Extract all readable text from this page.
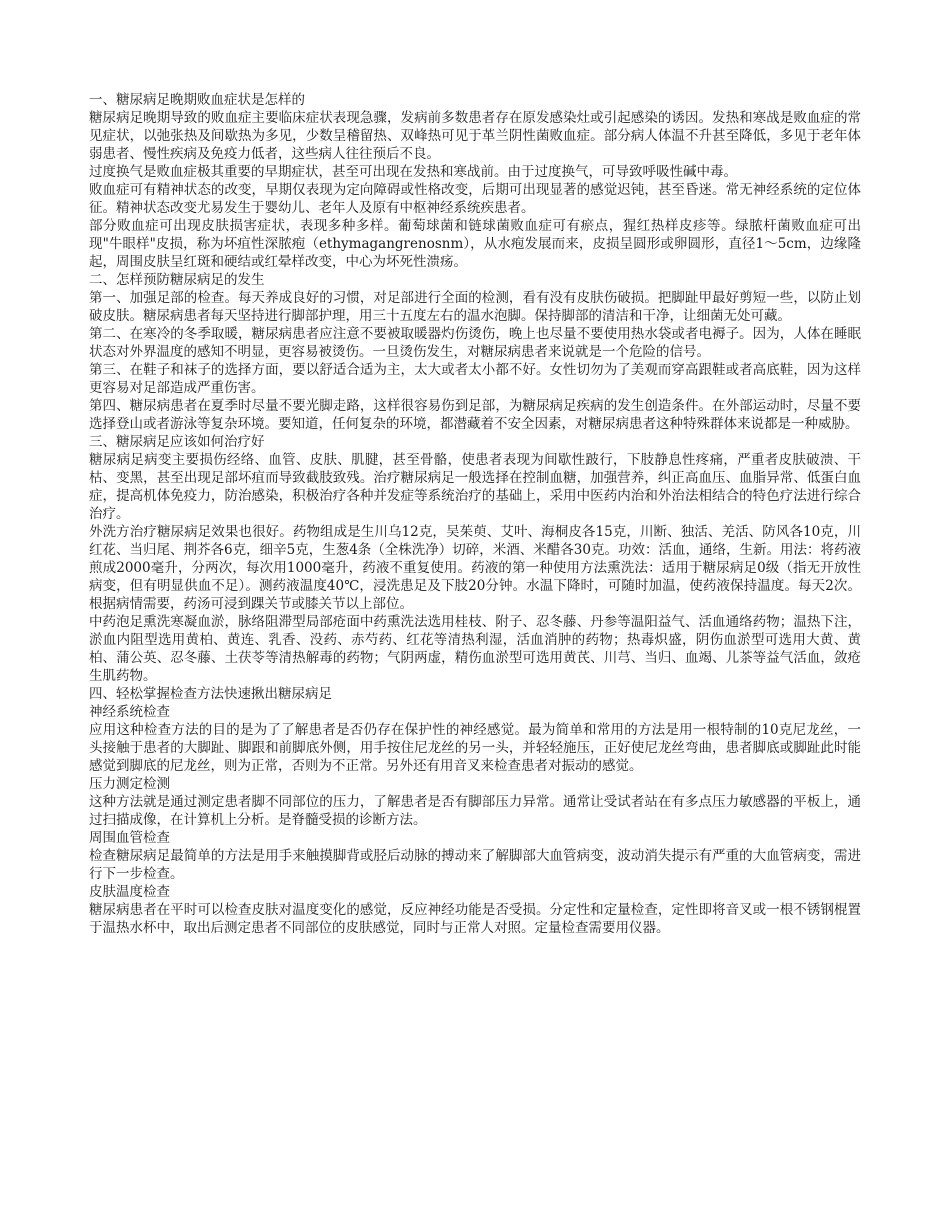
一、糖尿病足晚期败血症状是怎样的

糖尿病足晚期导致的败血症主要临床症状表现急骤，发病前多数患者存在原发感染灶或引起感染的诱因。发热和寒战是败血症的常见症状，以弛张热及间歇热为多见，少数呈稽留热、双峰热可见于革兰阴性菌败血症。部分病人体温不升甚至降低，多见于老年体弱患者、慢性疾病及免疫力低者，这些病人往往预后不良。

过度换气是败血症极其重要的早期症状，甚至可出现在发热和寒战前。由于过度换气，可导致呼吸性碱中毒。

败血症可有精神状态的改变，早期仅表现为定向障碍或性格改变，后期可出现显著的感觉迟钝，甚至昏迷。常无神经系统的定位体征。精神状态改变尤易发生于婴幼儿、老年人及原有中枢神经系统疾患者。

部分败血症可出现皮肤损害症状，表现多种多样。葡萄球菌和链球菌败血症可有瘀点，猩红热样皮疹等。绿脓杆菌败血症可出现"牛眼样"皮损，称为坏疽性深脓疱（ethymagangrenosnm），从水疱发展而来，皮损呈圆形或卵圆形，直径1～5cm，边缘隆起，周围皮肤呈红斑和硬结或红晕样改变，中心为坏死性溃疡。

二、怎样预防糖尿病足的发生

第一、加强足部的检查。每天养成良好的习惯，对足部进行全面的检测，看有没有皮肤伤破损。把脚趾甲最好剪短一些，以防止划破皮肤。糖尿病患者每天坚持进行脚部护理，用三十五度左右的温水泡脚。保持脚部的清洁和干净，让细菌无处可藏。

第二、在寒冷的冬季取暖，糖尿病患者应注意不要被取暖器灼伤烫伤，晚上也尽量不要使用热水袋或者电褥子。因为，人体在睡眠状态对外界温度的感知不明显，更容易被烫伤。一旦烫伤发生，对糖尿病患者来说就是一个危险的信号。

第三、在鞋子和袜子的选择方面，要以舒适合适为主，太大或者太小都不好。女性切勿为了美观而穿高跟鞋或者高底鞋，因为这样更容易对足部造成严重伤害。

第四、糖尿病患者在夏季时尽量不要光脚走路，这样很容易伤到足部，为糖尿病足疾病的发生创造条件。在外部运动时，尽量不要选择登山或者游泳等复杂环境。要知道，任何复杂的环境，都潜藏着不安全因素，对糖尿病患者这种特殊群体来说都是一种威胁。

三、糖尿病足应该如何治疗好

糖尿病足病变主要损伤经络、血管、皮肤、肌腱，甚至骨骼，使患者表现为间歇性跛行，下肢静息性疼痛，严重者皮肤破溃、干枯、变黑，甚至出现足部坏疽而导致截肢致残。治疗糖尿病足一般选择在控制血糖，加强营养，纠正高血压、血脂异常、低蛋白血症，提高机体免疫力，防治感染，积极治疗各种并发症等系统治疗的基础上，采用中医药内治和外治法相结合的特色疗法进行综合治疗。

外洗方治疗糖尿病足效果也很好。药物组成是生川乌12克，吴茱萸、艾叶、海桐皮各15克，川断、独活、羌活、防风各10克，川红花、当归尾、荆芥各6克，细辛5克，生葱4条（全株洗净）切碎，米酒、米醋各30克。功效：活血，通络，生新。用法：将药液煎成2000毫升，分两次，每次用1000毫升，药液不重复使用。药液的第一种使用方法熏洗法：适用于糖尿病足0级（指无开放性病变，但有明显供血不足）。测药液温度40℃，浸洗患足及下肢20分钟。水温下降时，可随时加温，使药液保持温度。每天2次。根据病情需要，药汤可浸到踝关节或膝关节以上部位。

中药泡足熏洗寒凝血淤，脉络阻滞型局部疮面中药熏洗法选用桂枝、附子、忍冬藤、丹参等温阳益气、活血通络药物；温热下注，淤血内阻型选用黄柏、黄连、乳香、没药、赤芍药、红花等清热利湿，活血消肿的药物；热毒炽盛，阴伤血淤型可选用大黄、黄柏、蒲公英、忍冬藤、土茯苓等清热解毒的药物；气阴两虚，精伤血淤型可选用黄芪、川芎、当归、血竭、儿茶等益气活血，敛疮生肌药物。

四、轻松掌握检查方法快速揪出糖尿病足

神经系统检查

应用这种检查方法的目的是为了了解患者是否仍存在保护性的神经感觉。最为简单和常用的方法是用一根特制的10克尼龙丝，一头接触于患者的大脚趾、脚跟和前脚底外侧，用手按住尼龙丝的另一头，并轻轻施压，正好使尼龙丝弯曲，患者脚底或脚趾此时能感觉到脚底的尼龙丝，则为正常，否则为不正常。另外还有用音叉来检查患者对振动的感觉。

压力测定检测

这种方法就是通过测定患者脚不同部位的压力，了解患者是否有脚部压力异常。通常让受试者站在有多点压力敏感器的平板上，通过扫描成像，在计算机上分析。是脊髓受损的诊断方法。

周围血管检查

检查糖尿病足最简单的方法是用手来触摸脚背或胫后动脉的搏动来了解脚部大血管病变，波动消失提示有严重的大血管病变，需进行下一步检查。

皮肤温度检查

糖尿病患者在平时可以检查皮肤对温度变化的感觉，反应神经功能是否受损。分定性和定量检查，定性即将音叉或一根不锈钢棍置于温热水杯中，取出后测定患者不同部位的皮肤感觉，同时与正常人对照。定量检查需要用仪器。
